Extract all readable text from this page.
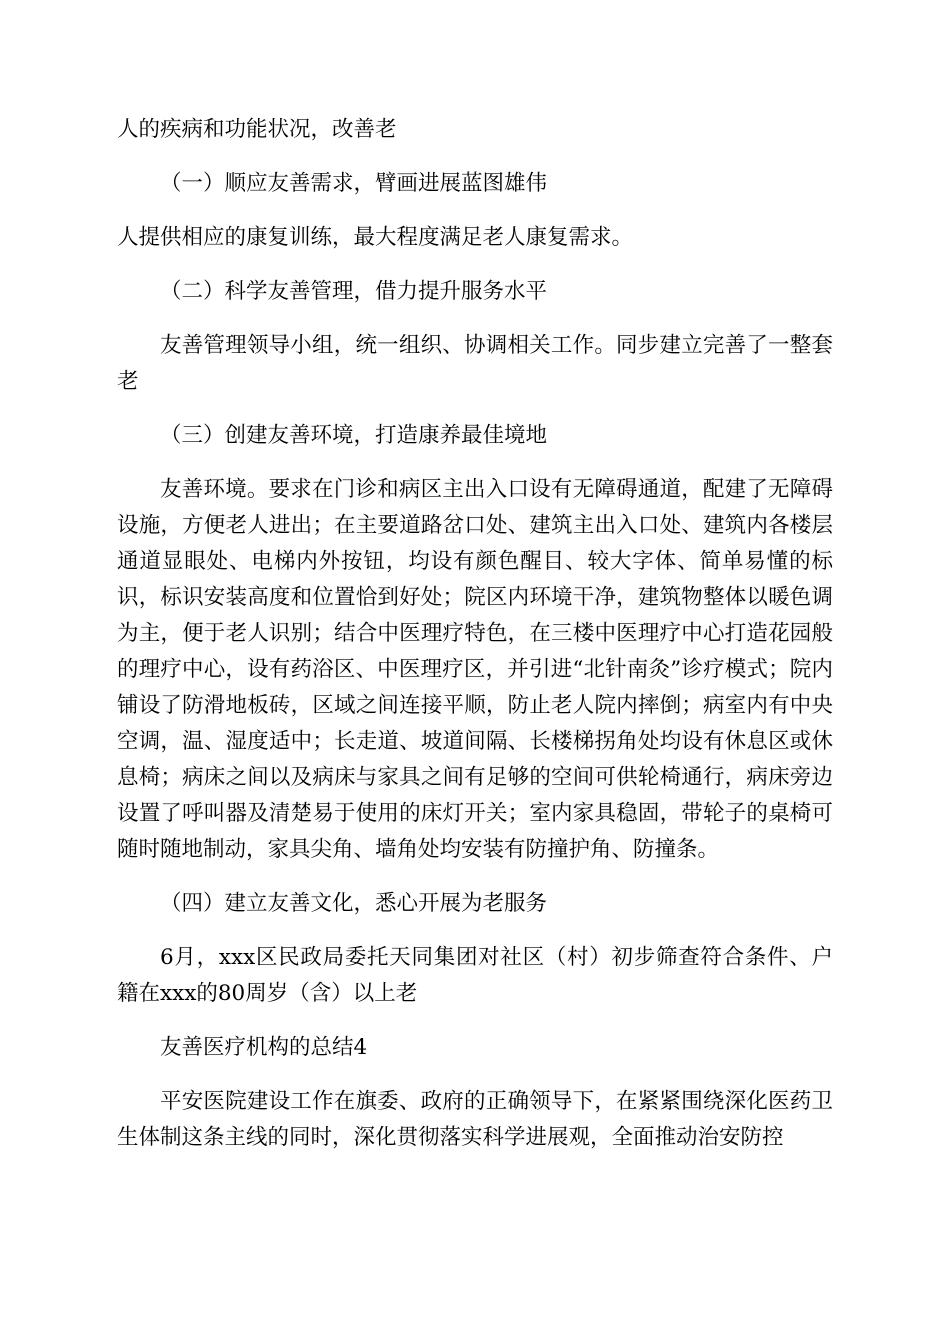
人的疾病和功能状况，改善老

（一）顺应友善需求，臂画进展蓝图雄伟

人提供相应的康复训练，最大程度满足老人康复需求。

（二）科学友善管理，借力提升服务水平

友善管理领导小组，统一组织、协调相关工作。同步建立完善了一整套老

（三）创建友善环境，打造康养最佳境地

友善环境。要求在门诊和病区主出入口设有无障碍通道，配建了无障碍设施，方便老人进出；在主要道路岔口处、建筑主出入口处、建筑内各楼层通道显眼处、电梯内外按钮，均设有颜色醒目、较大字体、简单易懂的标识，标识安装高度和位置恰到好处；院区内环境干净，建筑物整体以暖色调为主，便于老人识别；结合中医理疗特色，在三楼中医理疗中心打造花园般的理疗中心，设有药浴区、中医理疗区，并引进“北针南灸”诊疗模式；院内铺设了防滑地板砖，区域之间连接平顺，防止老人院内摔倒；病室内有中央空调，温、湿度适中；长走道、坡道间隔、长楼梯拐角处均设有休息区或休息椅；病床之间以及病床与家具之间有足够的空间可供轮椅通行，病床旁边设置了呼叫器及清楚易于使用的床灯开关；室内家具稳固，带轮子的桌椅可随时随地制动，家具尖角、墙角处均安装有防撞护角、防撞条。

（四）建立友善文化，悉心开展为老服务

6月，xxx区民政局委托天同集团对社区（村）初步筛查符合条件、户籍在xxx的80周岁（含）以上老

友善医疗机构的总结4

平安医院建设工作在旗委、政府的正确领导下，在紧紧围绕深化医药卫生体制这条主线的同时，深化贯彻落实科学进展观，全面推动治安防控
